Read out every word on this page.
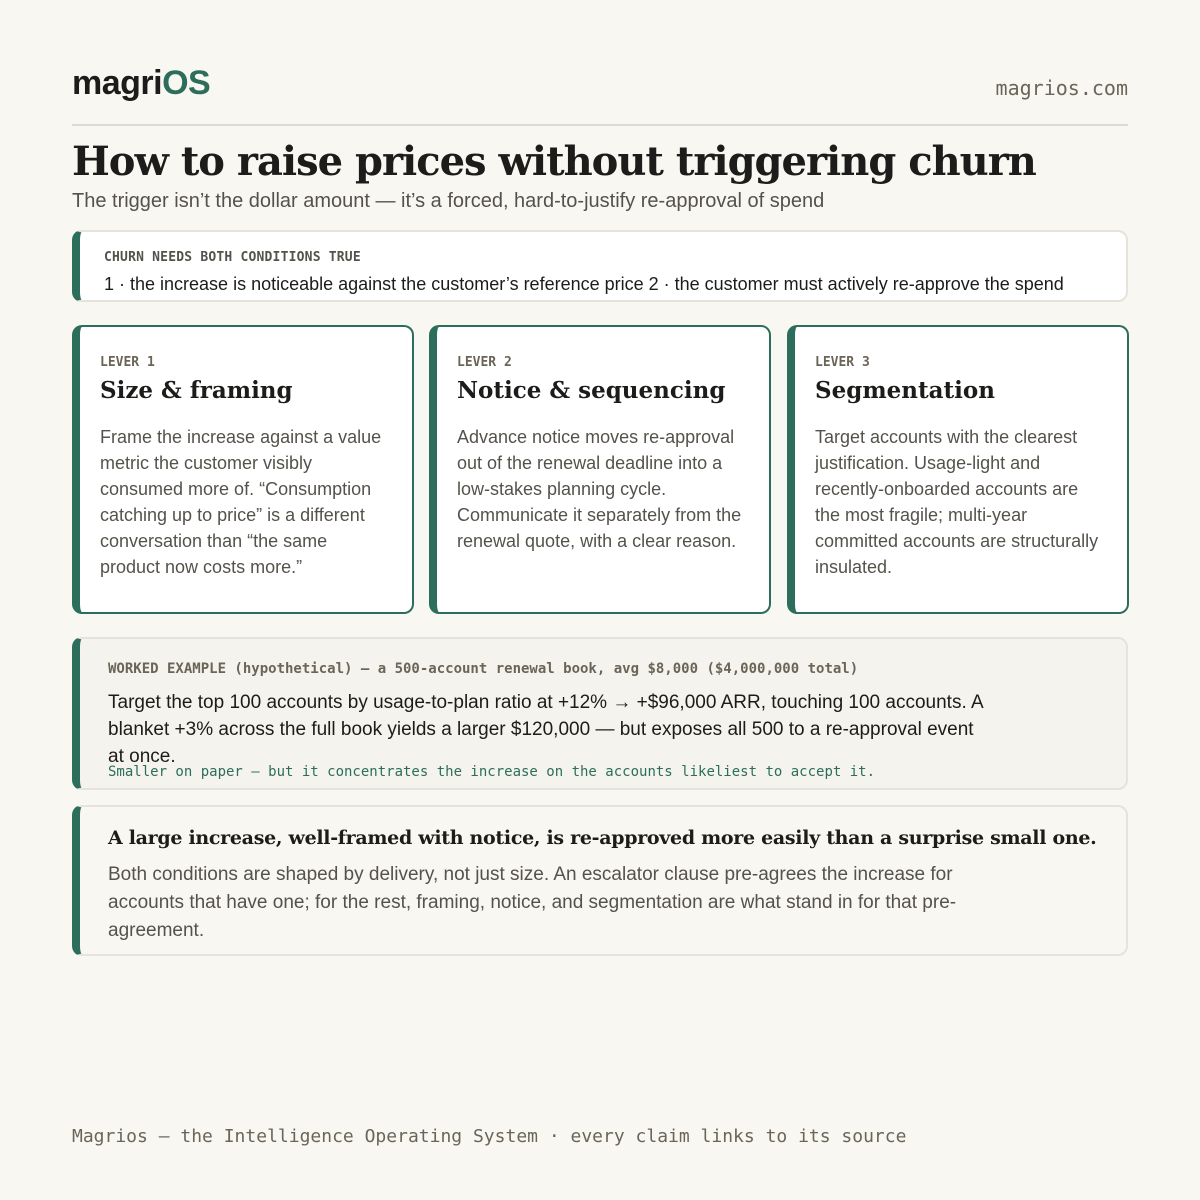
magriOS	magrios.com
How to raise prices without triggering churn
The trigger isn’t the dollar amount — it’s a forced, hard-to-justify re-approval of spend
CHURN NEEDS BOTH CONDITIONS TRUE
1 · the increase is noticeable against the customer’s reference price 2 · the customer must actively re-approve the spend
LEVER 1
Size & framing
Frame the increase against a value metric the customer visibly consumed more of. “Consumption catching up to price” is a different conversation than “the same product now costs more.”
LEVER 2
Notice & sequencing
Advance notice moves re-approval out of the renewal deadline into a low-stakes planning cycle. Communicate it separately from the renewal quote, with a clear reason.
LEVER 3
Segmentation
Target accounts with the clearest justification. Usage-light and recently-onboarded accounts are the most fragile; multi-year committed accounts are structurally insulated.
WORKED EXAMPLE (hypothetical) — a 500-account renewal book, avg $8,000 ($4,000,000 total)
Target the top 100 accounts by usage-to-plan ratio at +12% → +$96,000 ARR, touching 100 accounts. A blanket +3% across the full book yields a larger $120,000 — but exposes all 500 to a re-approval event at once.
Smaller on paper — but it concentrates the increase on the accounts likeliest to accept it.
A large increase, well-framed with notice, is re-approved more easily than a surprise small one.
Both conditions are shaped by delivery, not just size. An escalator clause pre-agrees the increase for accounts that have one; for the rest, framing, notice, and segmentation are what stand in for that pre-agreement.
Magrios — the Intelligence Operating System · every claim links to its source
